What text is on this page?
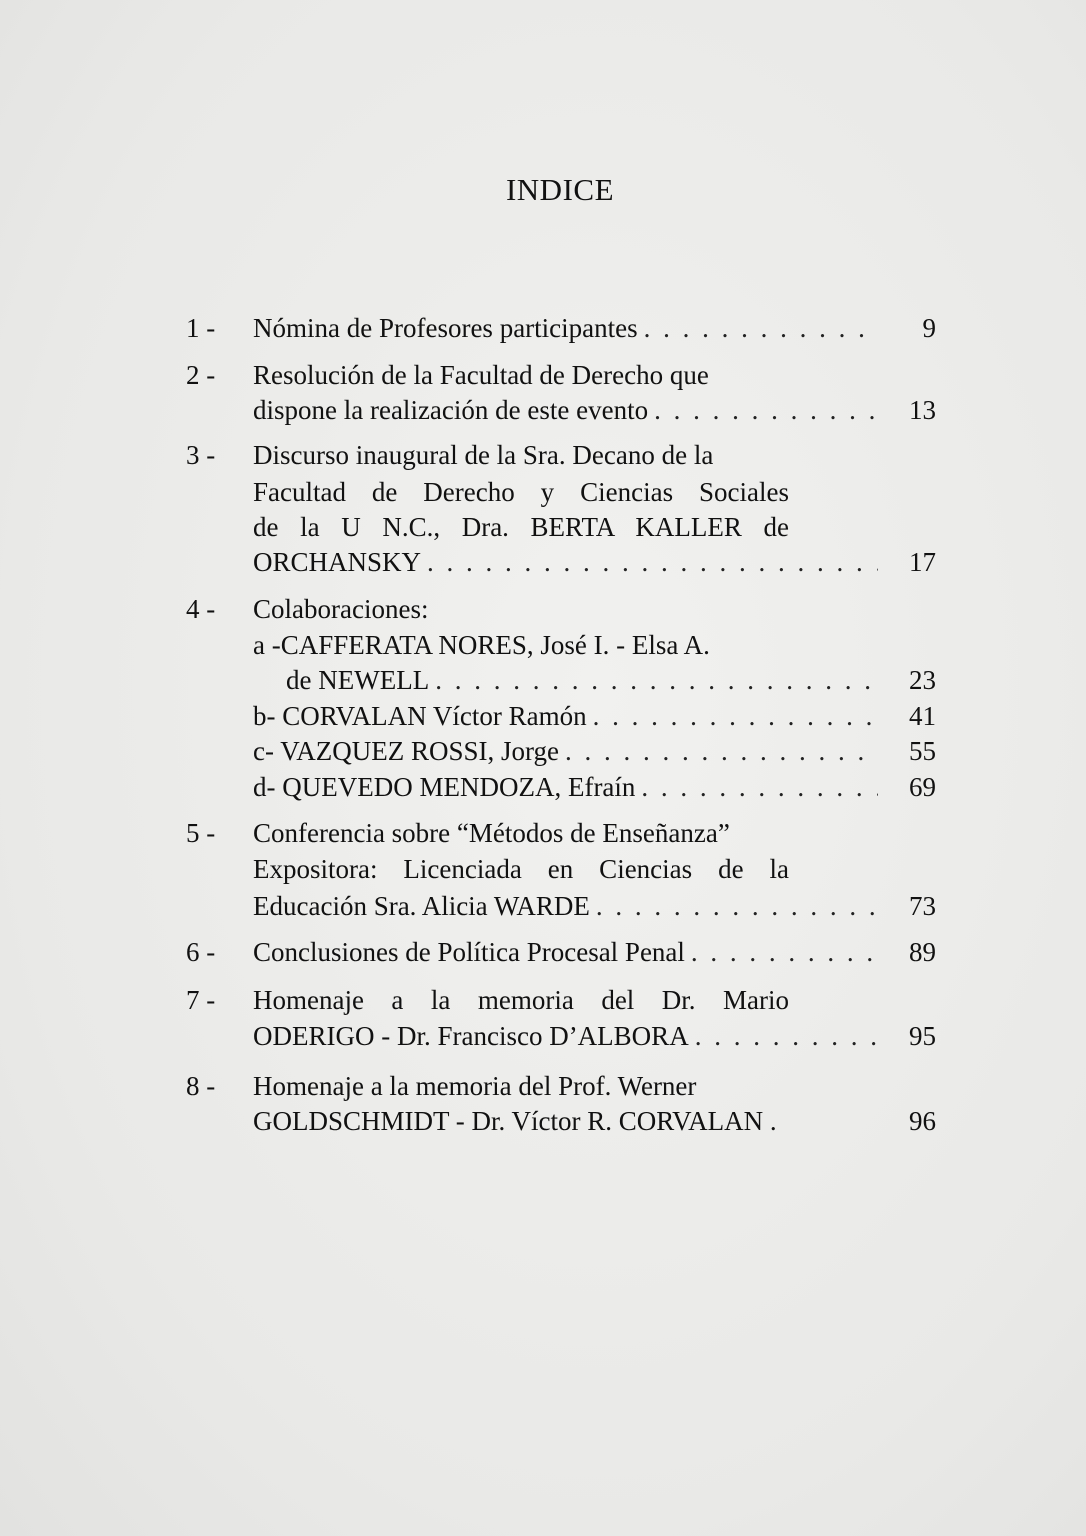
INDICE
1 - Nómina de Profesores participantes . . .	9
2 - Resolución de la Facultad de Derecho que
dispone la realización de este evento . . .	13
3 - Discurso inaugural de la Sra. Decano de la
Facultad de Derecho y Ciencias Sociales
de la U N.C., Dra. BERTA KALLER de
ORCHANSKY . . .	17
4 - Colaboraciones:
a -CAFFERATA NORES, José I. - Elsa A.
de NEWELL . . .	23
b- CORVALAN Víctor Ramón . . .	41
c- VAZQUEZ ROSSI, Jorge . . .	55
d- QUEVEDO MENDOZA, Efraín . . .	69
5 - Conferencia sobre “Métodos de Enseñanza”
Expositora: Licenciada en Ciencias de la
Educación Sra. Alicia WARDE . . .	73
6 - Conclusiones de Política Procesal Penal . . .	89
7 - Homenaje a la memoria del Dr. Mario
ODERIGO - Dr. Francisco D’ALBORA . . .	95
8 - Homenaje a la memoria del Prof. Werner
GOLDSCHMIDT - Dr. Víctor R. CORVALAN .	96
